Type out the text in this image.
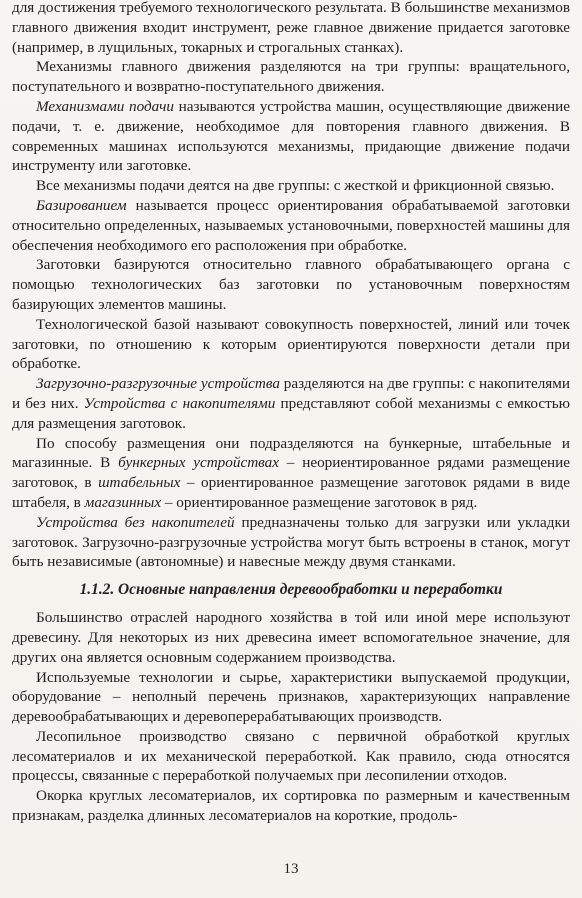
для достижения требуемого технологического результата. В большинстве механизмов главного движения входит инструмент, реже главное движение придается заготовке (например, в лущильных, токарных и строгальных станках).

Механизмы главного движения разделяются на три группы: вращательного, поступательного и возвратно-поступательного движения.

Механизмами подачи называются устройства машин, осуществляющие движение подачи, т. е. движение, необходимое для повторения главного движения. В современных машинах используются механизмы, придающие движение подачи инструменту или заготовке.

Все механизмы подачи деятся на две группы: с жесткой и фрикционной связью.

Базированием называется процесс ориентирования обрабатываемой заготовки относительно определенных, называемых установочными, поверхностей машины для обеспечения необходимого его расположения при обработке.

Заготовки базируются относительно главного обрабатывающего органа с помощью технологических баз заготовки по установочным поверхностям базирующих элементов машины.

Технологической базой называют совокупность поверхностей, линий или точек заготовки, по отношению к которым ориентируются поверхности детали при обработке.

Загрузочно-разгрузочные устройства разделяются на две группы: с накопителями и без них. Устройства с накопителями представляют собой механизмы с емкостью для размещения заготовок.

По способу размещения они подразделяются на бункерные, штабельные и магазинные. В бункерных устройствах – неориентированное рядами размещение заготовок, в штабельных – ориентированное размещение заготовок рядами в виде штабеля, в магазинных – ориентированное размещение заготовок в ряд.

Устройства без накопителей предназначены только для загрузки или укладки заготовок. Загрузочно-разгрузочные устройства могут быть встроены в станок, могут быть независимые (автономные) и навесные между двумя станками.

1.1.2. Основные направления деревообработки и переработки

Большинство отраслей народного хозяйства в той или иной мере используют древесину. Для некоторых из них древесина имеет вспомогательное значение, для других она является основным содержанием производства.

Используемые технологии и сырье, характеристики выпускаемой продукции, оборудование – неполный перечень признаков, характеризующих направление деревообрабатывающих и деревоперерабатывающих производств.

Лесопильное производство связано с первичной обработкой круглых лесоматериалов и их механической переработкой. Как правило, сюда относятся процессы, связанные с переработкой получаемых при лесопилении отходов.

Окорка круглых лесоматериалов, их сортировка по размерным и качественным признакам, разделка длинных лесоматериалов на короткие, продоль-

13
